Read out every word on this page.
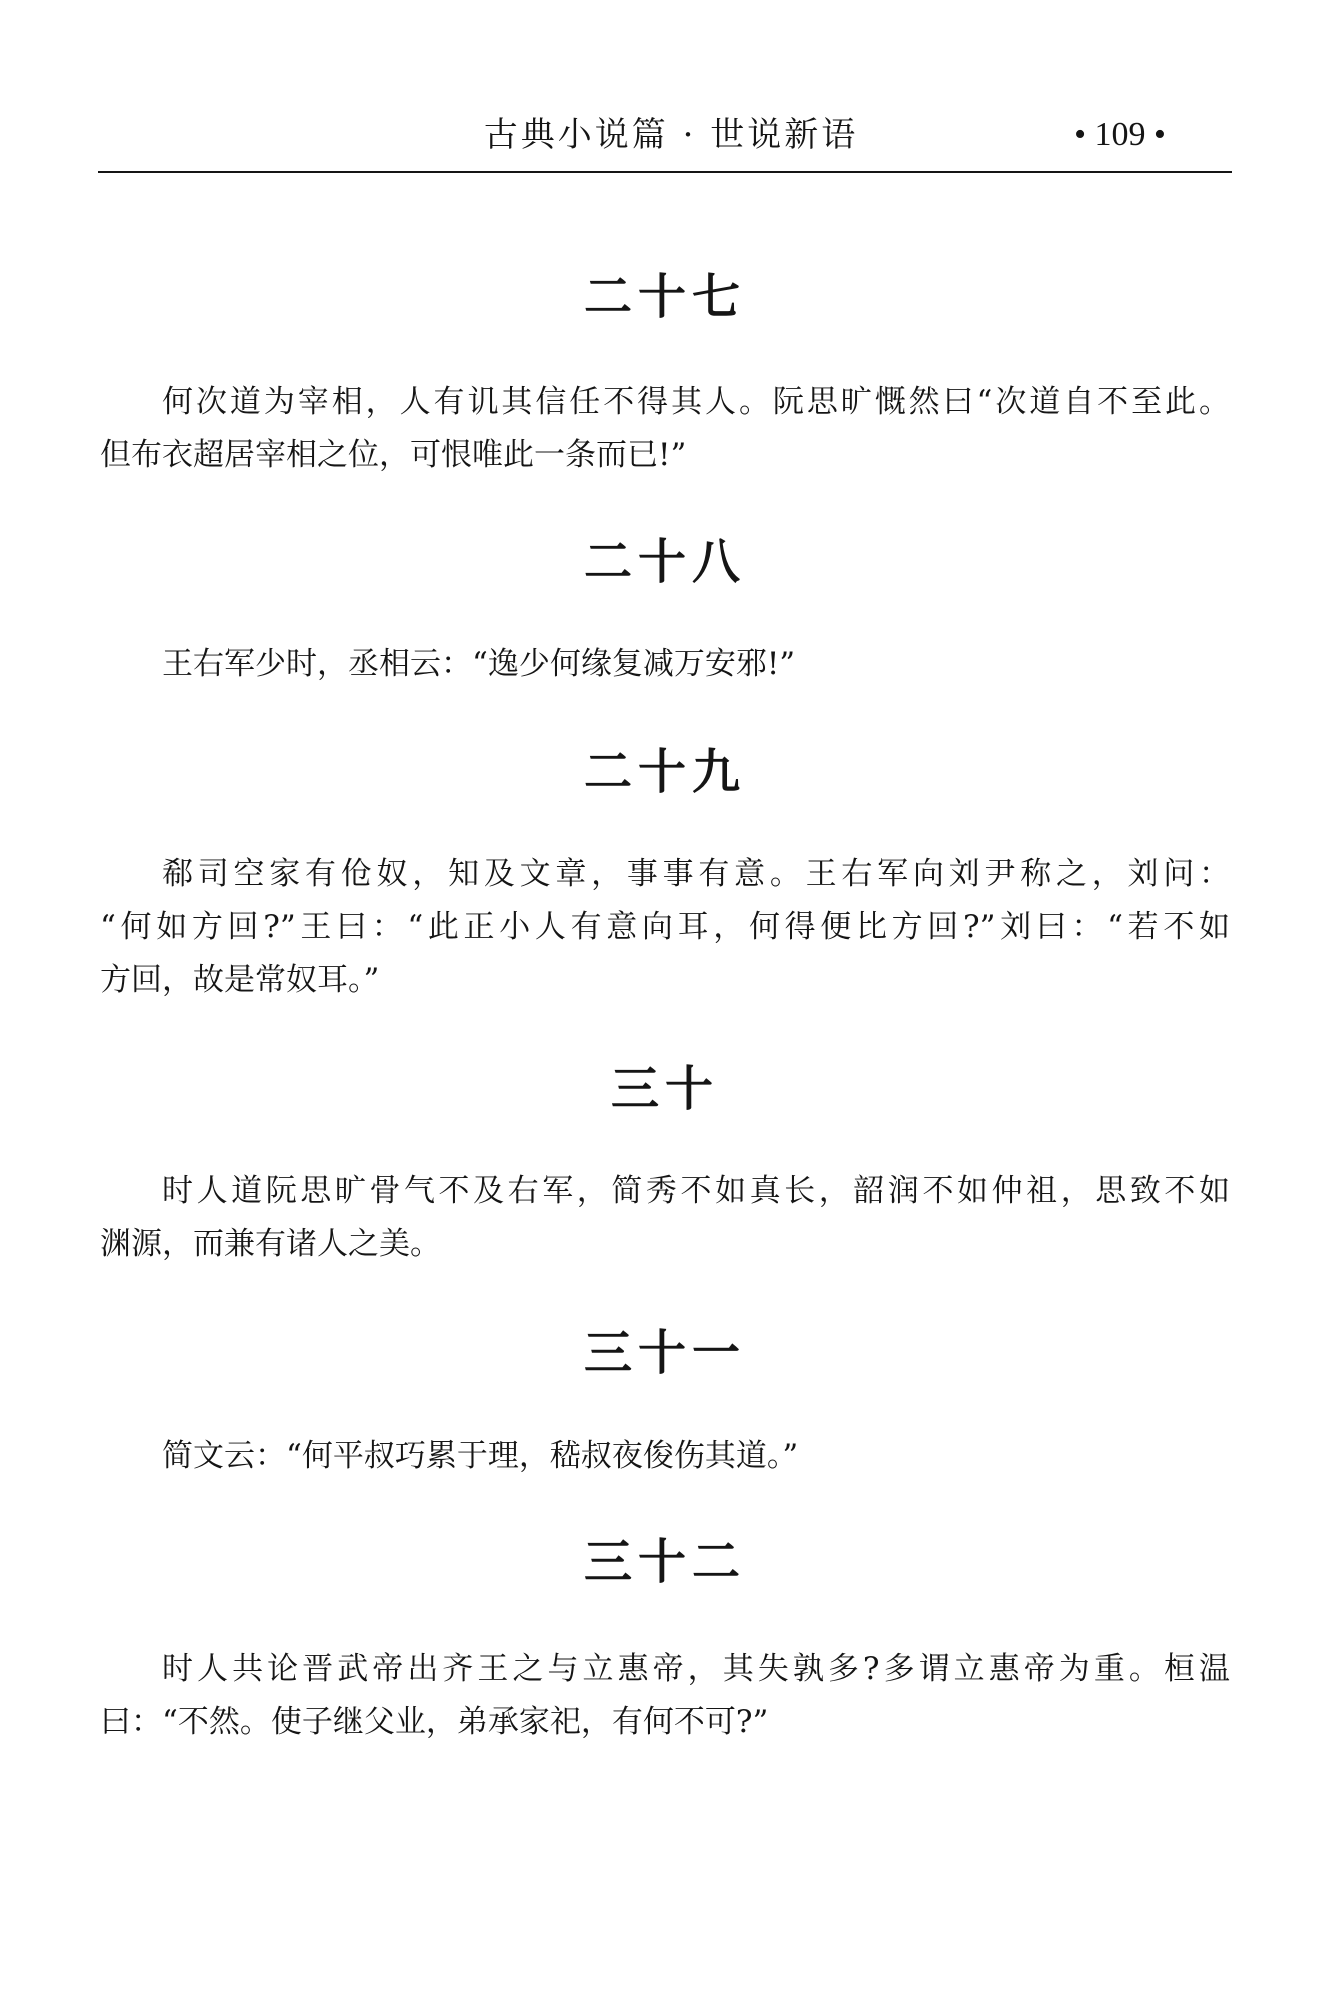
古典小说篇 · 世说新语	• 109 •
二十七
何次道为宰相，人有讥其信任不得其人。阮思旷慨然曰“次道自不至此。
但布衣超居宰相之位，可恨唯此一条而已!”
二十八
王右军少时，丞相云：“逸少何缘复减万安邪!”
二十九
郗司空家有伧奴，知及文章，事事有意。王右军向刘尹称之，刘问：
“何如方回?”王曰：“此正小人有意向耳，何得便比方回?”刘曰：“若不如
方回，故是常奴耳。”
三十
时人道阮思旷骨气不及右军，简秀不如真长，韶润不如仲祖，思致不如
渊源，而兼有诸人之美。
三十一
简文云：“何平叔巧累于理，嵇叔夜俊伤其道。”
三十二
时人共论晋武帝出齐王之与立惠帝，其失孰多?多谓立惠帝为重。桓温
曰：“不然。使子继父业，弟承家祀，有何不可?”
